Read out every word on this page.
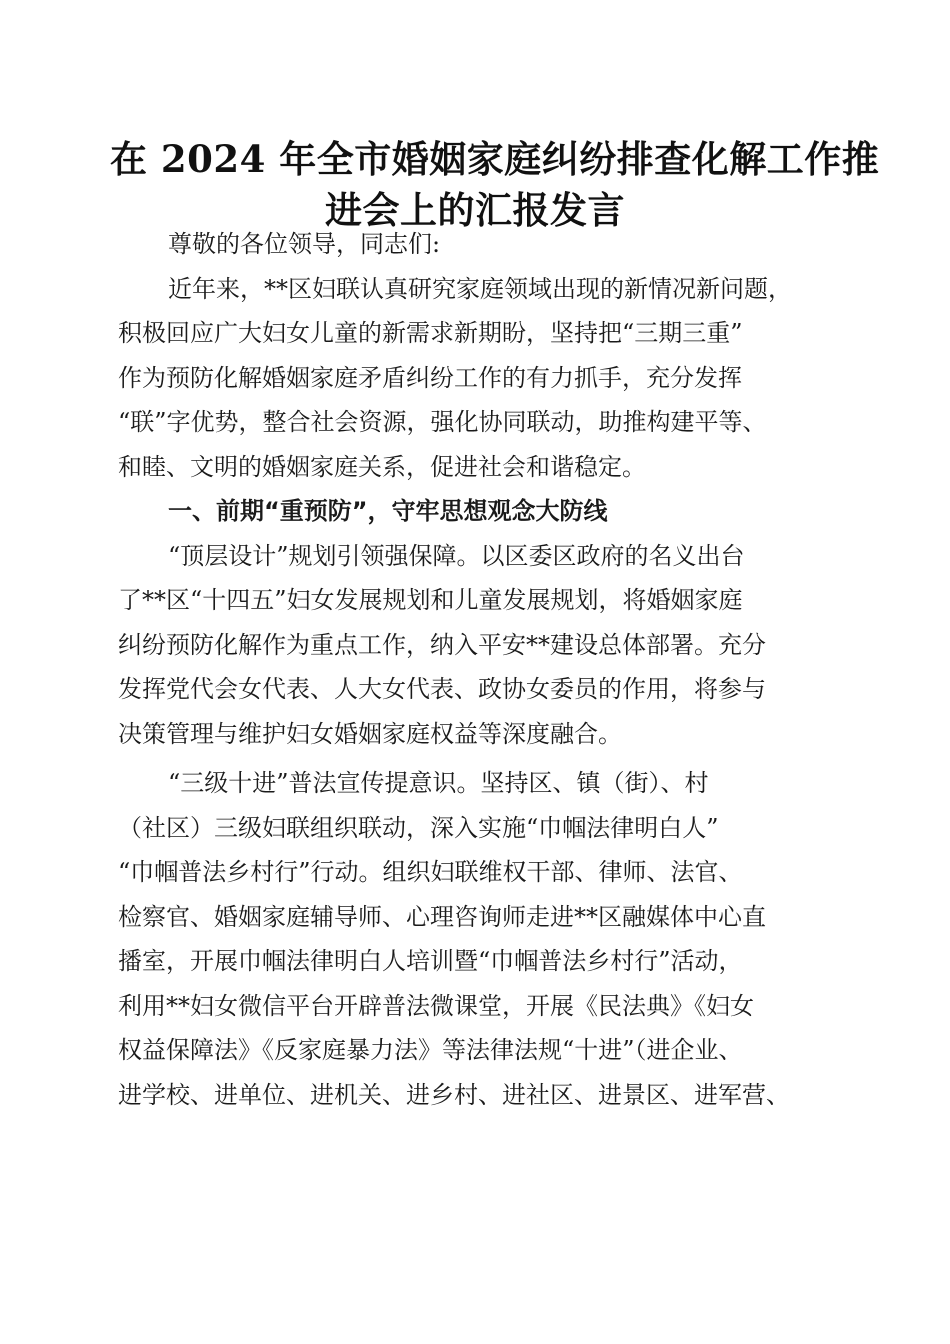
在 2024 年全市婚姻家庭纠纷排查化解工作推
进会上的汇报发言
尊敬的各位领导，同志们:
近年来，**区妇联认真研究家庭领域出现的新情况新问题，
积极回应广大妇女儿童的新需求新期盼，坚持把“三期三重”
作为预防化解婚姻家庭矛盾纠纷工作的有力抓手，充分发挥
“联”字优势，整合社会资源，强化协同联动，助推构建平等、
和睦、文明的婚姻家庭关系，促进社会和谐稳定。
一、前期“重预防”，守牢思想观念大防线
“顶层设计”规划引领强保障。以区委区政府的名义出台
了**区“十四五”妇女发展规划和儿童发展规划，将婚姻家庭
纠纷预防化解作为重点工作，纳入平安**建设总体部署。充分
发挥党代会女代表、人大女代表、政协女委员的作用，将参与
决策管理与维护妇女婚姻家庭权益等深度融合。
“三级十进”普法宣传提意识。坚持区、镇（街）、村
（社区）三级妇联组织联动，深入实施“巾帼法律明白人”
“巾帼普法乡村行”行动。组织妇联维权干部、律师、法官、
检察官、婚姻家庭辅导师、心理咨询师走进**区融媒体中心直
播室，开展巾帼法律明白人培训暨“巾帼普法乡村行”活动，
利用**妇女微信平台开辟普法微课堂，开展《民法典》《妇女
权益保障法》《反家庭暴力法》等法律法规“十进”（进企业、
进学校、进单位、进机关、进乡村、进社区、进景区、进军营、
